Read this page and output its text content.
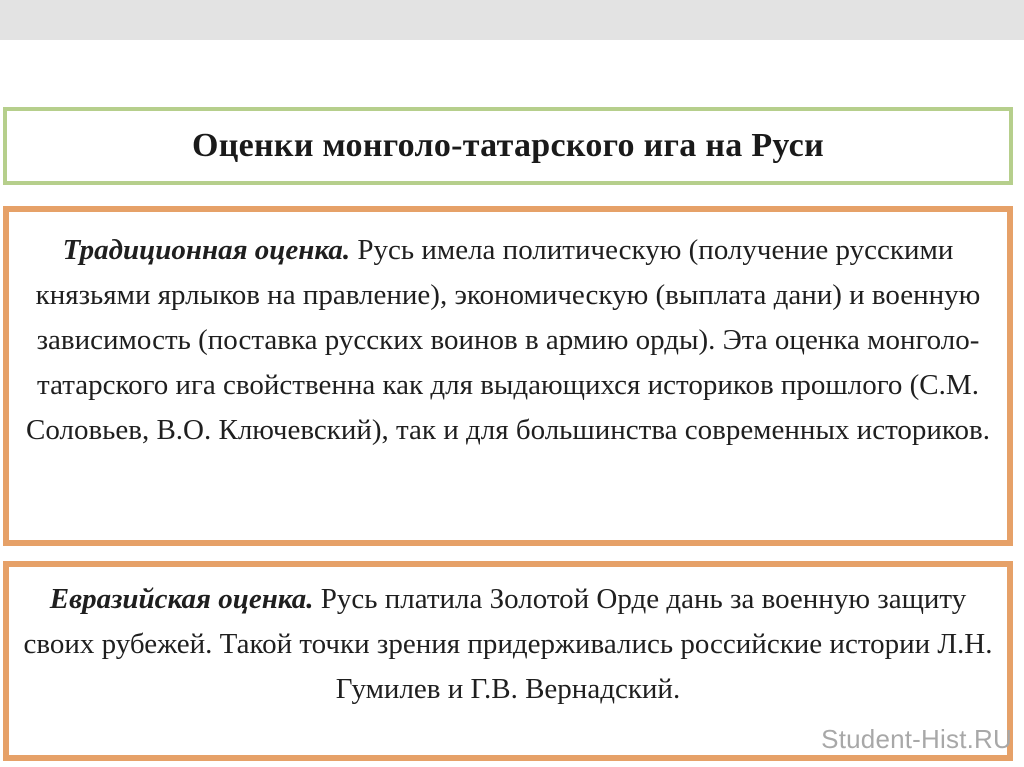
Оценки монголо-татарского ига на Руси
Традиционная оценка. Русь имела политическую (получение русскими князьями ярлыков на правление), экономическую (выплата дани) и военную зависимость (поставка русских воинов в армию орды). Эта оценка монголо-татарского ига свойственна как для выдающихся историков прошлого (С.М. Соловьев, В.О. Ключевский), так и для большинства современных историков.
Евразийская оценка. Русь платила Золотой Орде дань за военную защиту своих рубежей. Такой точки зрения придерживались российские истории Л.Н. Гумилев и Г.В. Вернадский.
Student-Hist.RU
